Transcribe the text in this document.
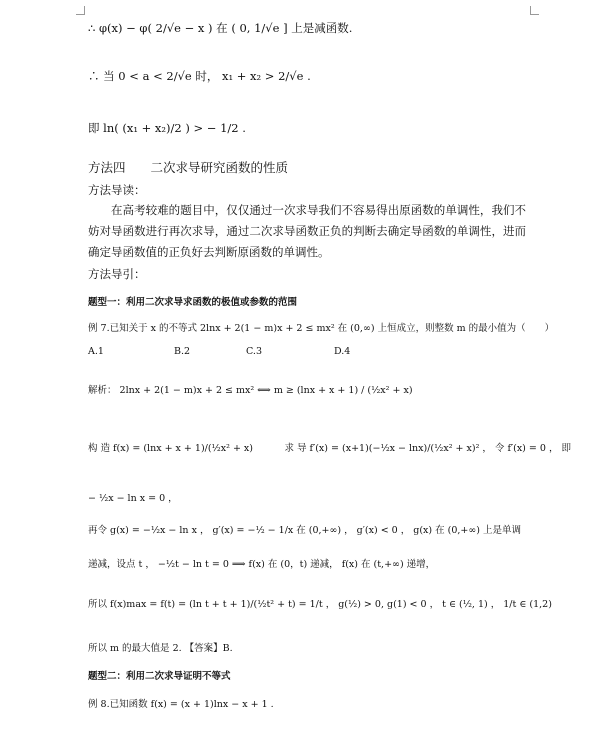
∴ φ(x) − φ( 2/√e − x ) 在 ( 0, 1/√e ] 上是减函数.
∴ 当 0 < a < 2/√e 时， x₁ + x₂ > 2/√e .
即 ln( (x₁ + x₂)/2 ) > − 1/2 .
方法四　　二次求导研究函数的性质
方法导读：
在高考较难的题目中，仅仅通过一次求导我们不容易得出原函数的单调性，我们不妨对导函数进行再次求导，通过二次求导函数正负的判断去确定导函数的单调性，进而确定导函数值的正负好去判断原函数的单调性。
方法导引：
题型一：利用二次求导求函数的极值或参数的范围
例 7.已知关于 x 的不等式 2lnx + 2(1 − m)x + 2 ≤ mx² 在 (0,∞) 上恒成立，则整数 m 的最小值为（　　）
A.1	B.2	C.3	D.4
解析： 2lnx + 2(1 − m)x + 2 ≤ mx² ⟺ m ≥ (lnx + x + 1) / (½x² + x)
构 造 f(x) = (lnx + x + 1)/(½x² + x)　　　 求 导 f′(x) = (x+1)(−½x − lnx)/(½x² + x)² ， 令 f′(x) = 0 ， 即
− ½x − ln x = 0 ，
再令 g(x) = −½x − ln x ， g′(x) = −½ − 1/x 在 (0,+∞) ， g′(x) < 0 ， g(x) 在 (0,+∞) 上是单调
递减，设点 t ， −½t − ln t = 0 ⟹ f(x) 在 (0，t) 递减， f(x) 在 (t,+∞) 递增，
所以 f(x)max = f(t) = (ln t + t + 1)/(½t² + t) = 1/t ， g(½) > 0, g(1) < 0 ， t ∈ (½, 1) ， 1/t ∈ (1,2)
所以 m 的最大值是 2. 【答案】B.
题型二：利用二次求导证明不等式
例 8.已知函数 f(x) = (x + 1)lnx − x + 1 .
